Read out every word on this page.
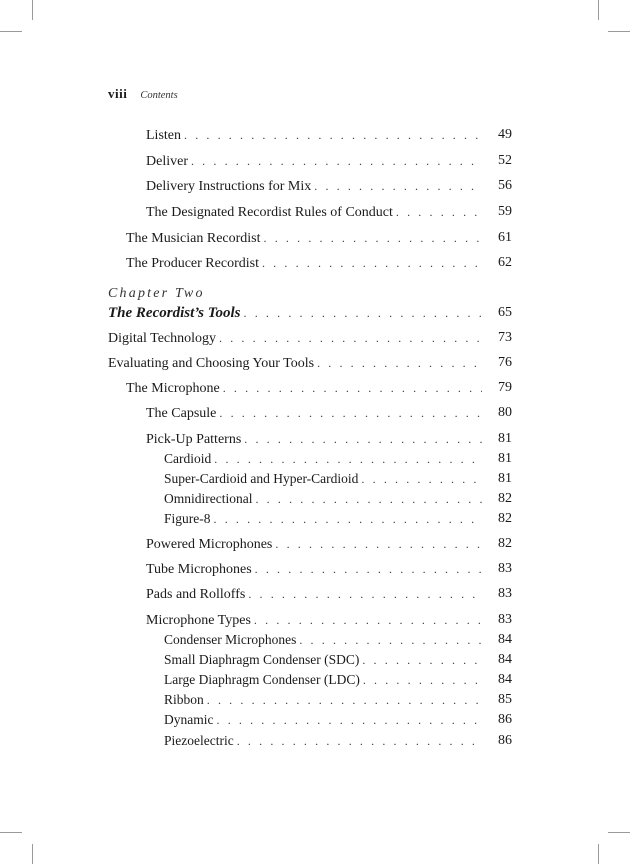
viii Contents
Chapter Two
Listen
. . .
Deliver
. . .
Delivery Instructions for Mix
. . .
The Designated Recordist Rules of Conduct
. . .
The Musician Recordist
. . .
The Producer Recordist
. . .
The Recordist’s Tools
. . .
Digital Technology
. . .
Evaluating and Choosing Your Tools
. . .
The Microphone
. . .
The Capsule
. . .
Pick-Up Patterns
. . .
Cardioid
. . .
Super-Cardioid and Hyper-Cardioid
. . .
Omnidirectional
. . .
Figure-8
. . .
Powered Microphones
. . .
Tube Microphones
. . .
Pads and Rolloffs
. . .
Microphone Types
. . .
Condenser Microphones
. . .
Small Diaphragm Condenser (SDC)
. . .
Large Diaphragm Condenser (LDC)
. . .
Ribbon
. . .
Dynamic
. . .
Piezoelectric
. . .
49
52
56
59
61
62
65
73
76
79
80
81
81
81
82
82
82
83
83
83
84
84
84
85
86
86
